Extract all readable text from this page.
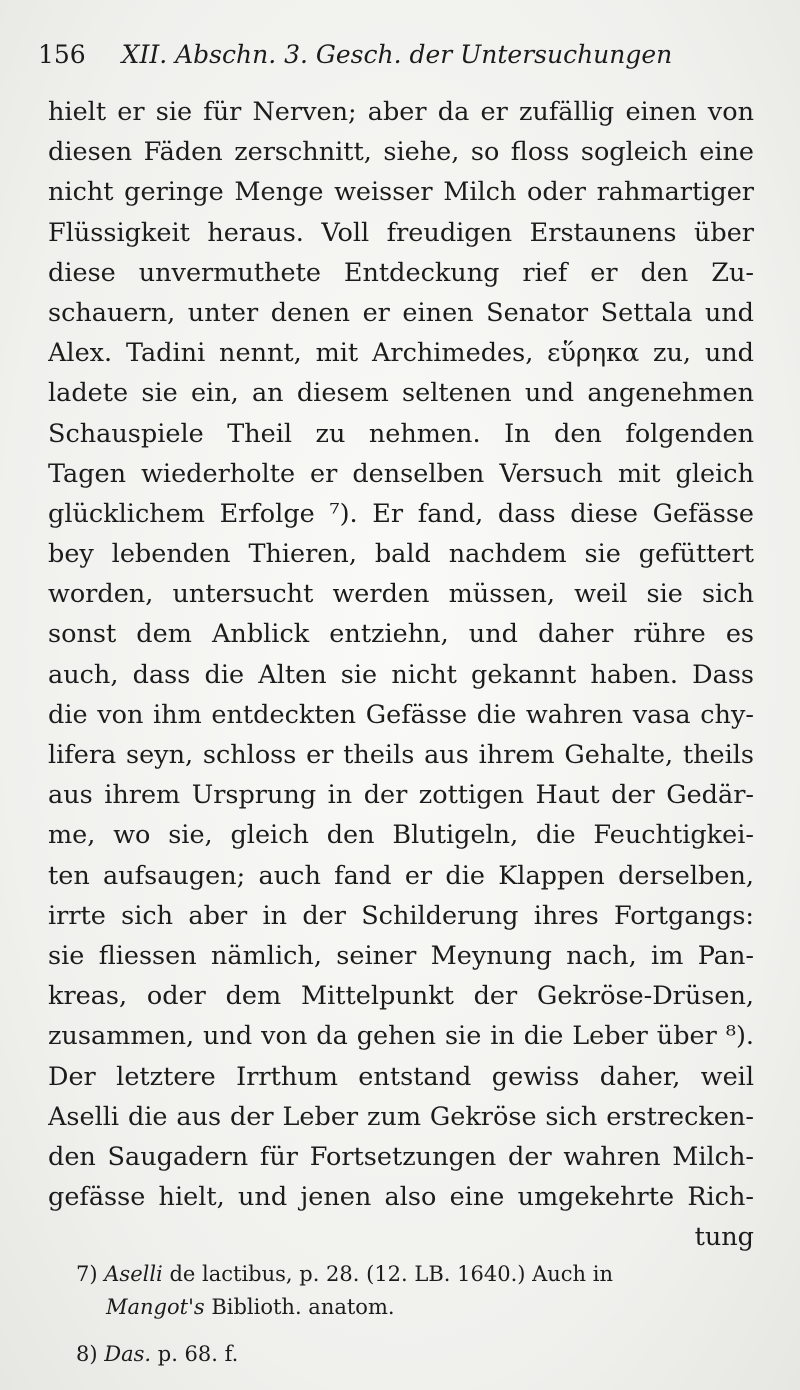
156 XII. Abschn. 3. Gesch. der Untersuchungen
hielt er sie für Nerven; aber da er zufällig einen von
diesen Fäden zerschnitt, siehe, so floss sogleich eine
nicht geringe Menge weisser Milch oder rahmartiger
Flüssigkeit heraus. Voll freudigen Erstaunens über
diese unvermuthete Entdeckung rief er den Zu-
schauern, unter denen er einen Senator Settala und
Alex. Tadini nennt, mit Archimedes, εὕρηκα zu, und
ladete sie ein, an diesem seltenen und angenehmen
Schauspiele Theil zu nehmen. In den folgenden
Tagen wiederholte er denselben Versuch mit gleich
glücklichem Erfolge ⁷). Er fand, dass diese Gefässe
bey lebenden Thieren, bald nachdem sie gefüttert
worden, untersucht werden müssen, weil sie sich
sonst dem Anblick entziehn, und daher rühre es
auch, dass die Alten sie nicht gekannt haben. Dass
die von ihm entdeckten Gefässe die wahren vasa chy-
lifera seyn, schloss er theils aus ihrem Gehalte, theils
aus ihrem Ursprung in der zottigen Haut der Gedär-
me, wo sie, gleich den Blutigeln, die Feuchtigkei-
ten aufsaugen; auch fand er die Klappen derselben,
irrte sich aber in der Schilderung ihres Fortgangs:
sie fliessen nämlich, seiner Meynung nach, im Pan-
kreas, oder dem Mittelpunkt der Gekröse-Drüsen,
zusammen, und von da gehen sie in die Leber über ⁸).
Der letztere Irrthum entstand gewiss daher, weil
Aselli die aus der Leber zum Gekröse sich erstrecken-
den Saugadern für Fortsetzungen der wahren Milch-
gefässe hielt, und jenen also eine umgekehrte Rich-
tung
7) Aselli de lactibus, p. 28. (12. LB. 1640.) Auch in
Mangot's Biblioth. anatom.
8) Das. p. 68. f.
